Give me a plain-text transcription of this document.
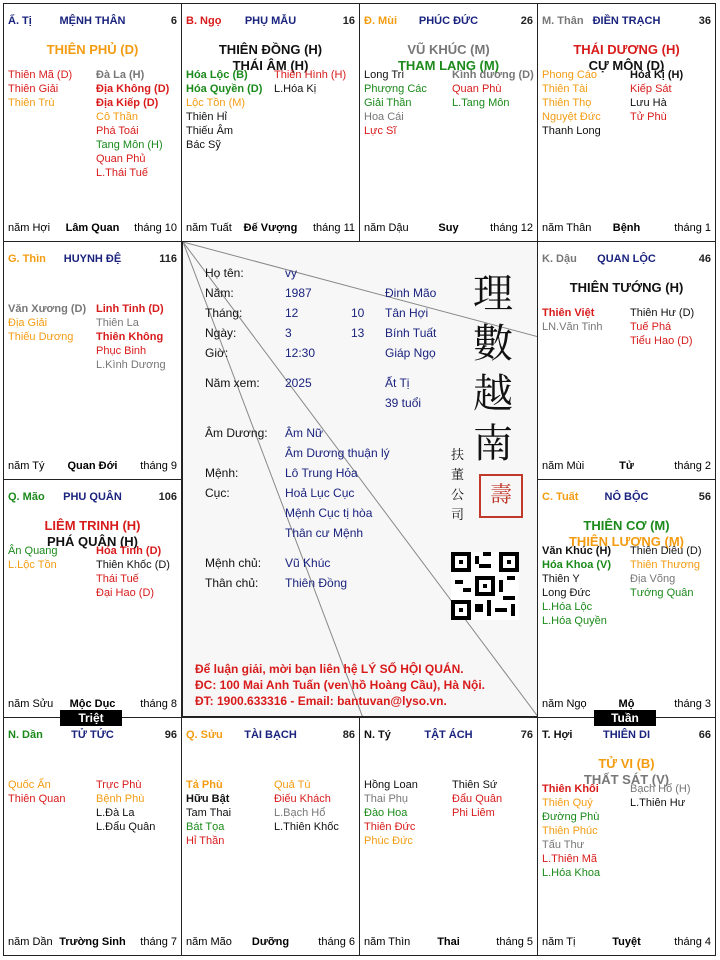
MỆNH THÂN
Ấ. Tị	6
THIÊN PHỦ (D)
Thiên Mã (D)
Thiên Giải
Thiên Trù
Đà La (H)
Địa Không (D)
Địa Kiếp (D)
Cô Thần
Phá Toái
Tang Môn (H)
Quan Phủ
L.Thái Tuế
năm Hợi	Lâm Quan	tháng 10
PHỤ MẪU
B. Ngọ	16
THIÊN ĐỒNG (H)
THÁI ÂM (H)
Hóa Lộc (B)
Hóa Quyền (D)
Lộc Tồn (M)
Thiên Hỉ
Thiếu Âm
Bác Sỹ
Thiên Hình (H)
L.Hóa Kị
năm Tuất	Đế Vượng	tháng 11
PHÚC ĐỨC
Đ. Mùi	26
VŨ KHÚC (M)
THAM LANG (M)
Long Trì
Phượng Các
Giải Thần
Hoa Cái
Lực Sĩ
Kình dương (D)
Quan Phù
L.Tang Môn
năm Dậu	Suy	tháng 12
ĐIỀN TRẠCH
M. Thân	36
THÁI DƯƠNG (H)
CỰ MÔN (D)
Phong Cáo
Thiên Tài
Thiên Thọ
Nguyệt Đức
Thanh Long
Hóa Kị (H)
Kiếp Sát
Lưu Hà
Tử Phù
năm Thân	Bệnh	tháng 1
HUYNH ĐỆ
G. Thìn	116
Văn Xương (D)
Địa Giải
Thiếu Dương
Linh Tinh (D)
Thiên La
Thiên Không
Phục Binh
L.Kình Dương
năm Tý	Quan Đới	tháng 9
QUAN LỘC
K. Dậu	46
THIÊN TƯỚNG (H)
Thiên Việt
LN.Văn Tinh
Thiên Hư (D)
Tuế Phá
Tiểu Hao (D)
năm Mùi	Tử	tháng 2
PHU QUÂN
Q. Mão	106
LIÊM TRINH (H)
PHÁ QUÂN (H)
Ân Quang
L.Lộc Tồn
Hỏa Tinh (D)
Thiên Khốc (D)
Thái Tuế
Đại Hao (D)
năm Sửu	Mộc Dục	tháng 8
NÔ BỘC
C. Tuất	56
THIÊN CƠ (M)
THIÊN LƯƠNG (M)
Văn Khúc (H)
Hóa Khoa (V)
Thiên Y
Long Đức
L.Hóa Lộc
L.Hóa Quyền
Thiên Diêu (D)
Thiên Thương
Địa Võng
Tướng Quân
năm Ngọ	Mộ	tháng 3
TỬ TỨC
N. Dần	96
Quốc Ấn
Thiên Quan
Trực Phù
Bệnh Phù
L.Đà La
L.Đẩu Quân
năm Dần Trường Sinh	tháng 7
TÀI BẠCH
Q. Sửu	86
Tả Phù
Hữu Bật
Tam Thai
Bát Tọa
Hỉ Thần
Quả Tú
Điếu Khách
L.Bạch Hổ
L.Thiên Khốc
năm Mão	Dưỡng	tháng 6
TẬT ÁCH
N. Tý	76
Hồng Loan
Thai Phụ
Đào Hoa
Thiên Đức
Phúc Đức
Thiên Sứ
Đẩu Quân
Phi Liêm
năm Thìn	Thai	tháng 5
THIÊN DI
T. Hợi	66
TỬ VI (B)
THẤT SÁT (V)
Thiên Khôi
Thiên Quý
Đường Phù
Thiên Phúc
Tấu Thư
L.Thiên Mã
L.Hóa Khoa
Bạch Hổ (H)
L.Thiên Hư
năm Tị	Tuyệt	tháng 4
Họ tên:	vy
Năm:	1987	Đinh Mão
Tháng:	12	10 Tân Hợi
Ngày:	3	13 Bính Tuất
Giờ:	12:30	Giáp Ngọ
Năm xem: 2025	Ất Tị
39 tuổi
Âm Dương: Âm Nữ
Âm Dương thuận lý
Mệnh:	Lô Trung Hỏa
Cục:	Hoả Lục Cục
Mệnh Cục tị hòa
Thân cư Mệnh
Mệnh chủ: Vũ Khúc
Thân chủ: Thiên Đồng
理
數
越
南
壽
扶
董
公
司
Để luận giải, mời bạn liên hệ LÝ SỐ HỘI QUÁN.
ĐC: 100 Mai Anh Tuấn (ven hồ Hoàng Cầu), Hà Nội.
ĐT: 1900.633316 - Email: bantuvan@lyso.vn.
Triệt	Tuần
